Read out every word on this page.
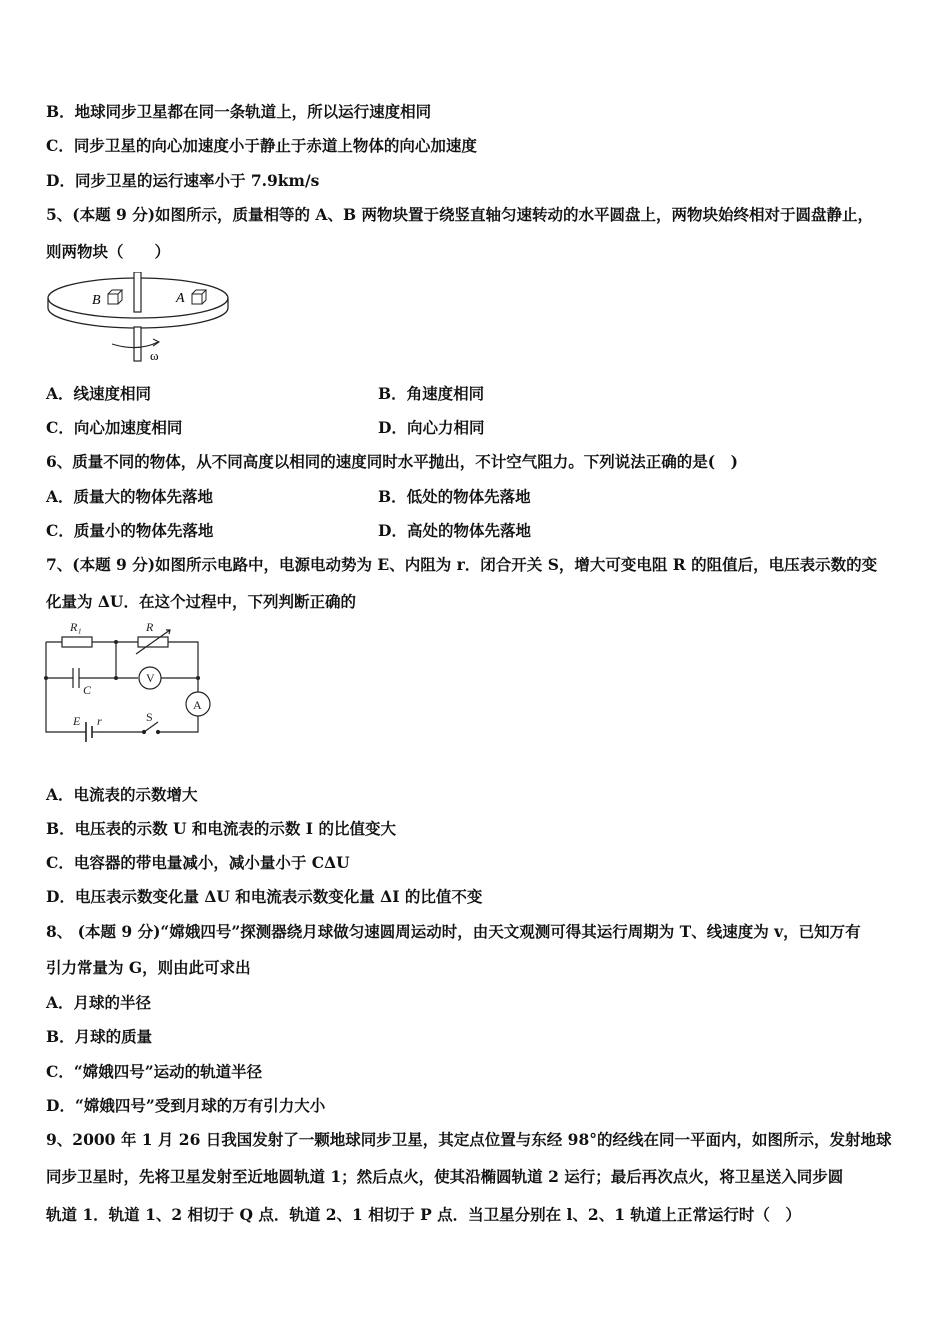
B．地球同步卫星都在同一条轨道上，所以运行速度相同
C．同步卫星的向心加速度小于静止于赤道上物体的向心加速度
D．同步卫星的运行速率小于 7.9km/s
5、(本题 9 分)如图所示，质量相等的 A、B 两物块置于绕竖直轴匀速转动的水平圆盘上，两物块始终相对于圆盘静止，
则两物块（　　）
B	A
ω
A．线速度相同	B．角速度相同
C．向心加速度相同	D．向心力相同
6、质量不同的物体，从不同高度以相同的速度同时水平抛出，不计空气阻力。下列说法正确的是(　)
A．质量大的物体先落地	B．低处的物体先落地
C．质量小的物体先落地	D．高处的物体先落地
7、(本题 9 分)如图所示电路中，电源电动势为 E、内阻为 r．闭合开关 S，增大可变电阻 R 的阻值后，电压表示数的变
化量为 ΔU．在这个过程中，下列判断正确的
R₁	R
C
V
A
E r	S
A．电流表的示数增大
B．电压表的示数 U 和电流表的示数 I 的比值变大
C．电容器的带电量减小，减小量小于 CΔU
D．电压表示数变化量 ΔU 和电流表示数变化量 ΔI 的比值不变
8、 (本题 9 分)“嫦娥四号”探测器绕月球做匀速圆周运动时，由天文观测可得其运行周期为 T、线速度为 v，已知万有
引力常量为 G，则由此可求出
A．月球的半径
B．月球的质量
C．“嫦娥四号”运动的轨道半径
D．“嫦娥四号”受到月球的万有引力大小
9、2000 年 1 月 26 日我国发射了一颗地球同步卫星，其定点位置与东经 98°的经线在同一平面内，如图所示，发射地球
同步卫星时，先将卫星发射至近地圆轨道 1；然后点火，使其沿椭圆轨道 2 运行；最后再次点火，将卫星送入同步圆
轨道 1．轨道 1、2 相切于 Q 点．轨道 2、1 相切于 P 点．当卫星分别在 l、2、1 轨道上正常运行时（　）
